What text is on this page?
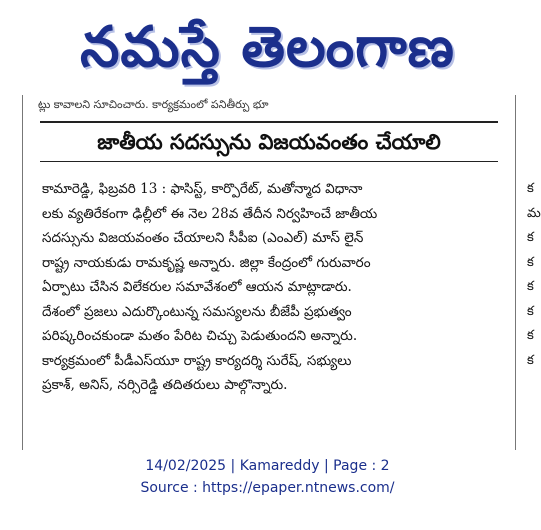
నమస్తే తెలంగాణ
ట్లు కావాలని సూచించారు. కార్యక్రమంలో పనితీర్పు భూ
జాతీయ సదస్సును విజయవంతం చేయాలి
కామారెడ్డి, ఫిబ్రవరి 13 : ఫాసిస్ట్, కార్పొరేట్, మతోన్మాద విధానా
లకు వ్యతిరేకంగా ఢిల్లీలో ఈ నెల 28వ తేదీన నిర్వహించే జాతీయ
సదస్సును విజయవంతం చేయాలని సీపీఐ (ఎంఎల్) మాస్ లైన్
రాష్ట్ర నాయకుడు రామకృష్ణ అన్నారు. జిల్లా కేంద్రంలో గురువారం
ఏర్పాటు చేసిన విలేకరుల సమావేశంలో ఆయన మాట్లాడారు.
దేశంలో ప్రజలు ఎదుర్కొంటున్న సమస్యలను బీజేపీ ప్రభుత్వం
పరిష్కరించకుండా మతం పేరిట చిచ్చు పెడుతుందని అన్నారు.
కార్యక్రమంలో పీడీఎస్‌యూ రాష్ట్ర కార్యదర్శి సురేష్, సభ్యులు
ప్రకాశ్, అనిస్, నర్సిరెడ్డి తదితరులు పాల్గొన్నారు.
క
మ
క
క
క
క
క
క
14/02/2025 | Kamareddy | Page : 2
Source : https://epaper.ntnews.com/
